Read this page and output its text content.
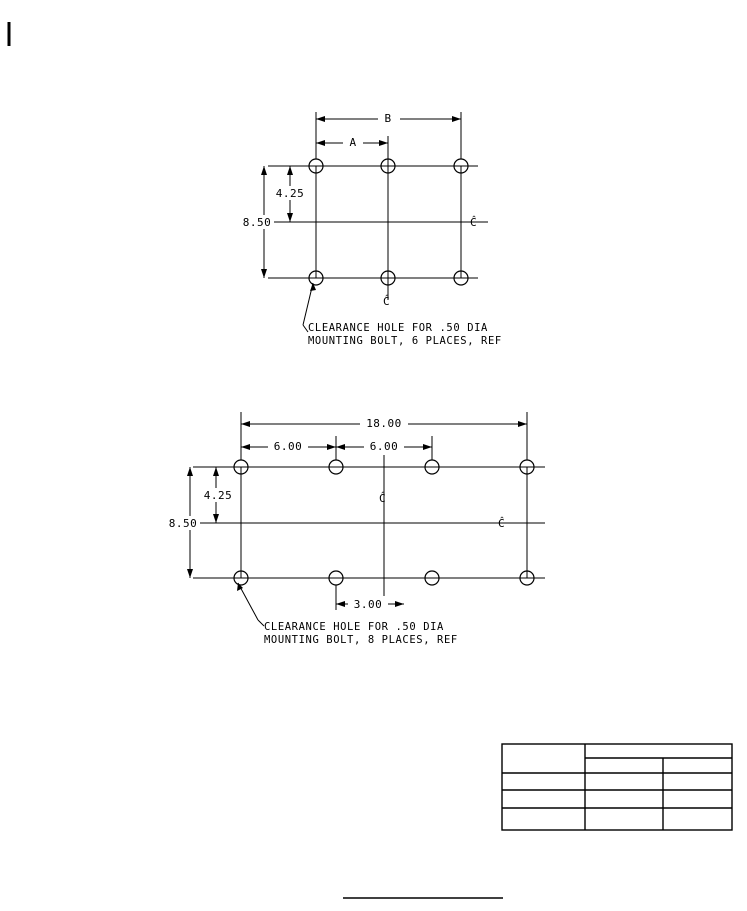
B
A
4.25
8.50	Ĉ
Ĉ
CLEARANCE HOLE FOR .50 DIA
MOUNTING BOLT, 6 PLACES, REF
18.00
6.00	6.00
4.25
8.50
3.00
Ĉ
Ĉ
CLEARANCE HOLE FOR .50 DIA
MOUNTING BOLT, 8 PLACES, REF
